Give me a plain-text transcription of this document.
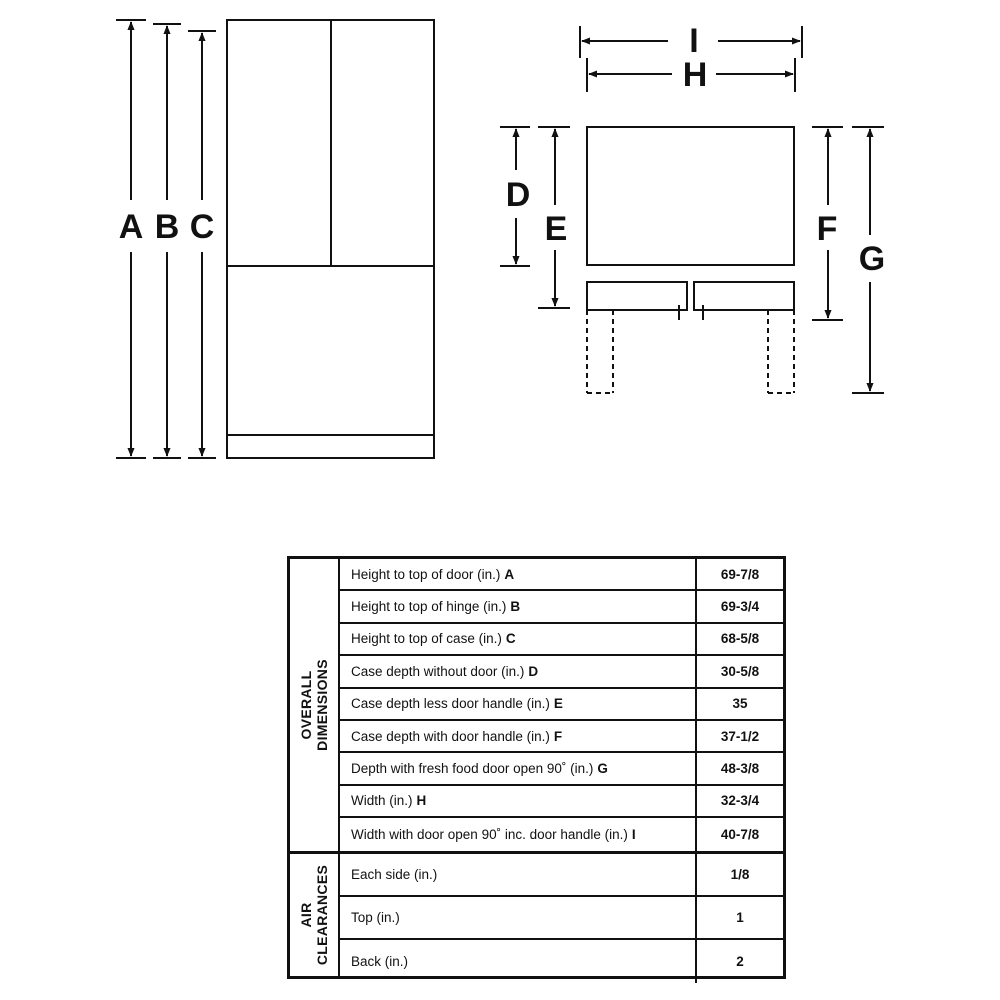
A B C
I
H
D
E	F
G
OVERALL
DIMENSIONS
Height to top of door (in.) A	69-7/8
Height to top of hinge (in.) B	69-3/4
Height to top of case (in.) C	68-5/8
Case depth without door (in.) D	30-5/8
Case depth less door handle (in.) E	35
Case depth with door handle (in.) F	37-1/2
Depth with fresh food door open 90˚ (in.) G	48-3/8
Width (in.) H	32-3/4
Width with door open 90˚ inc. door handle (in.) I	40-7/8
AIR
CLEARANCES Each side (in.)	1/8
Top (in.)	1
Back (in.)	2
